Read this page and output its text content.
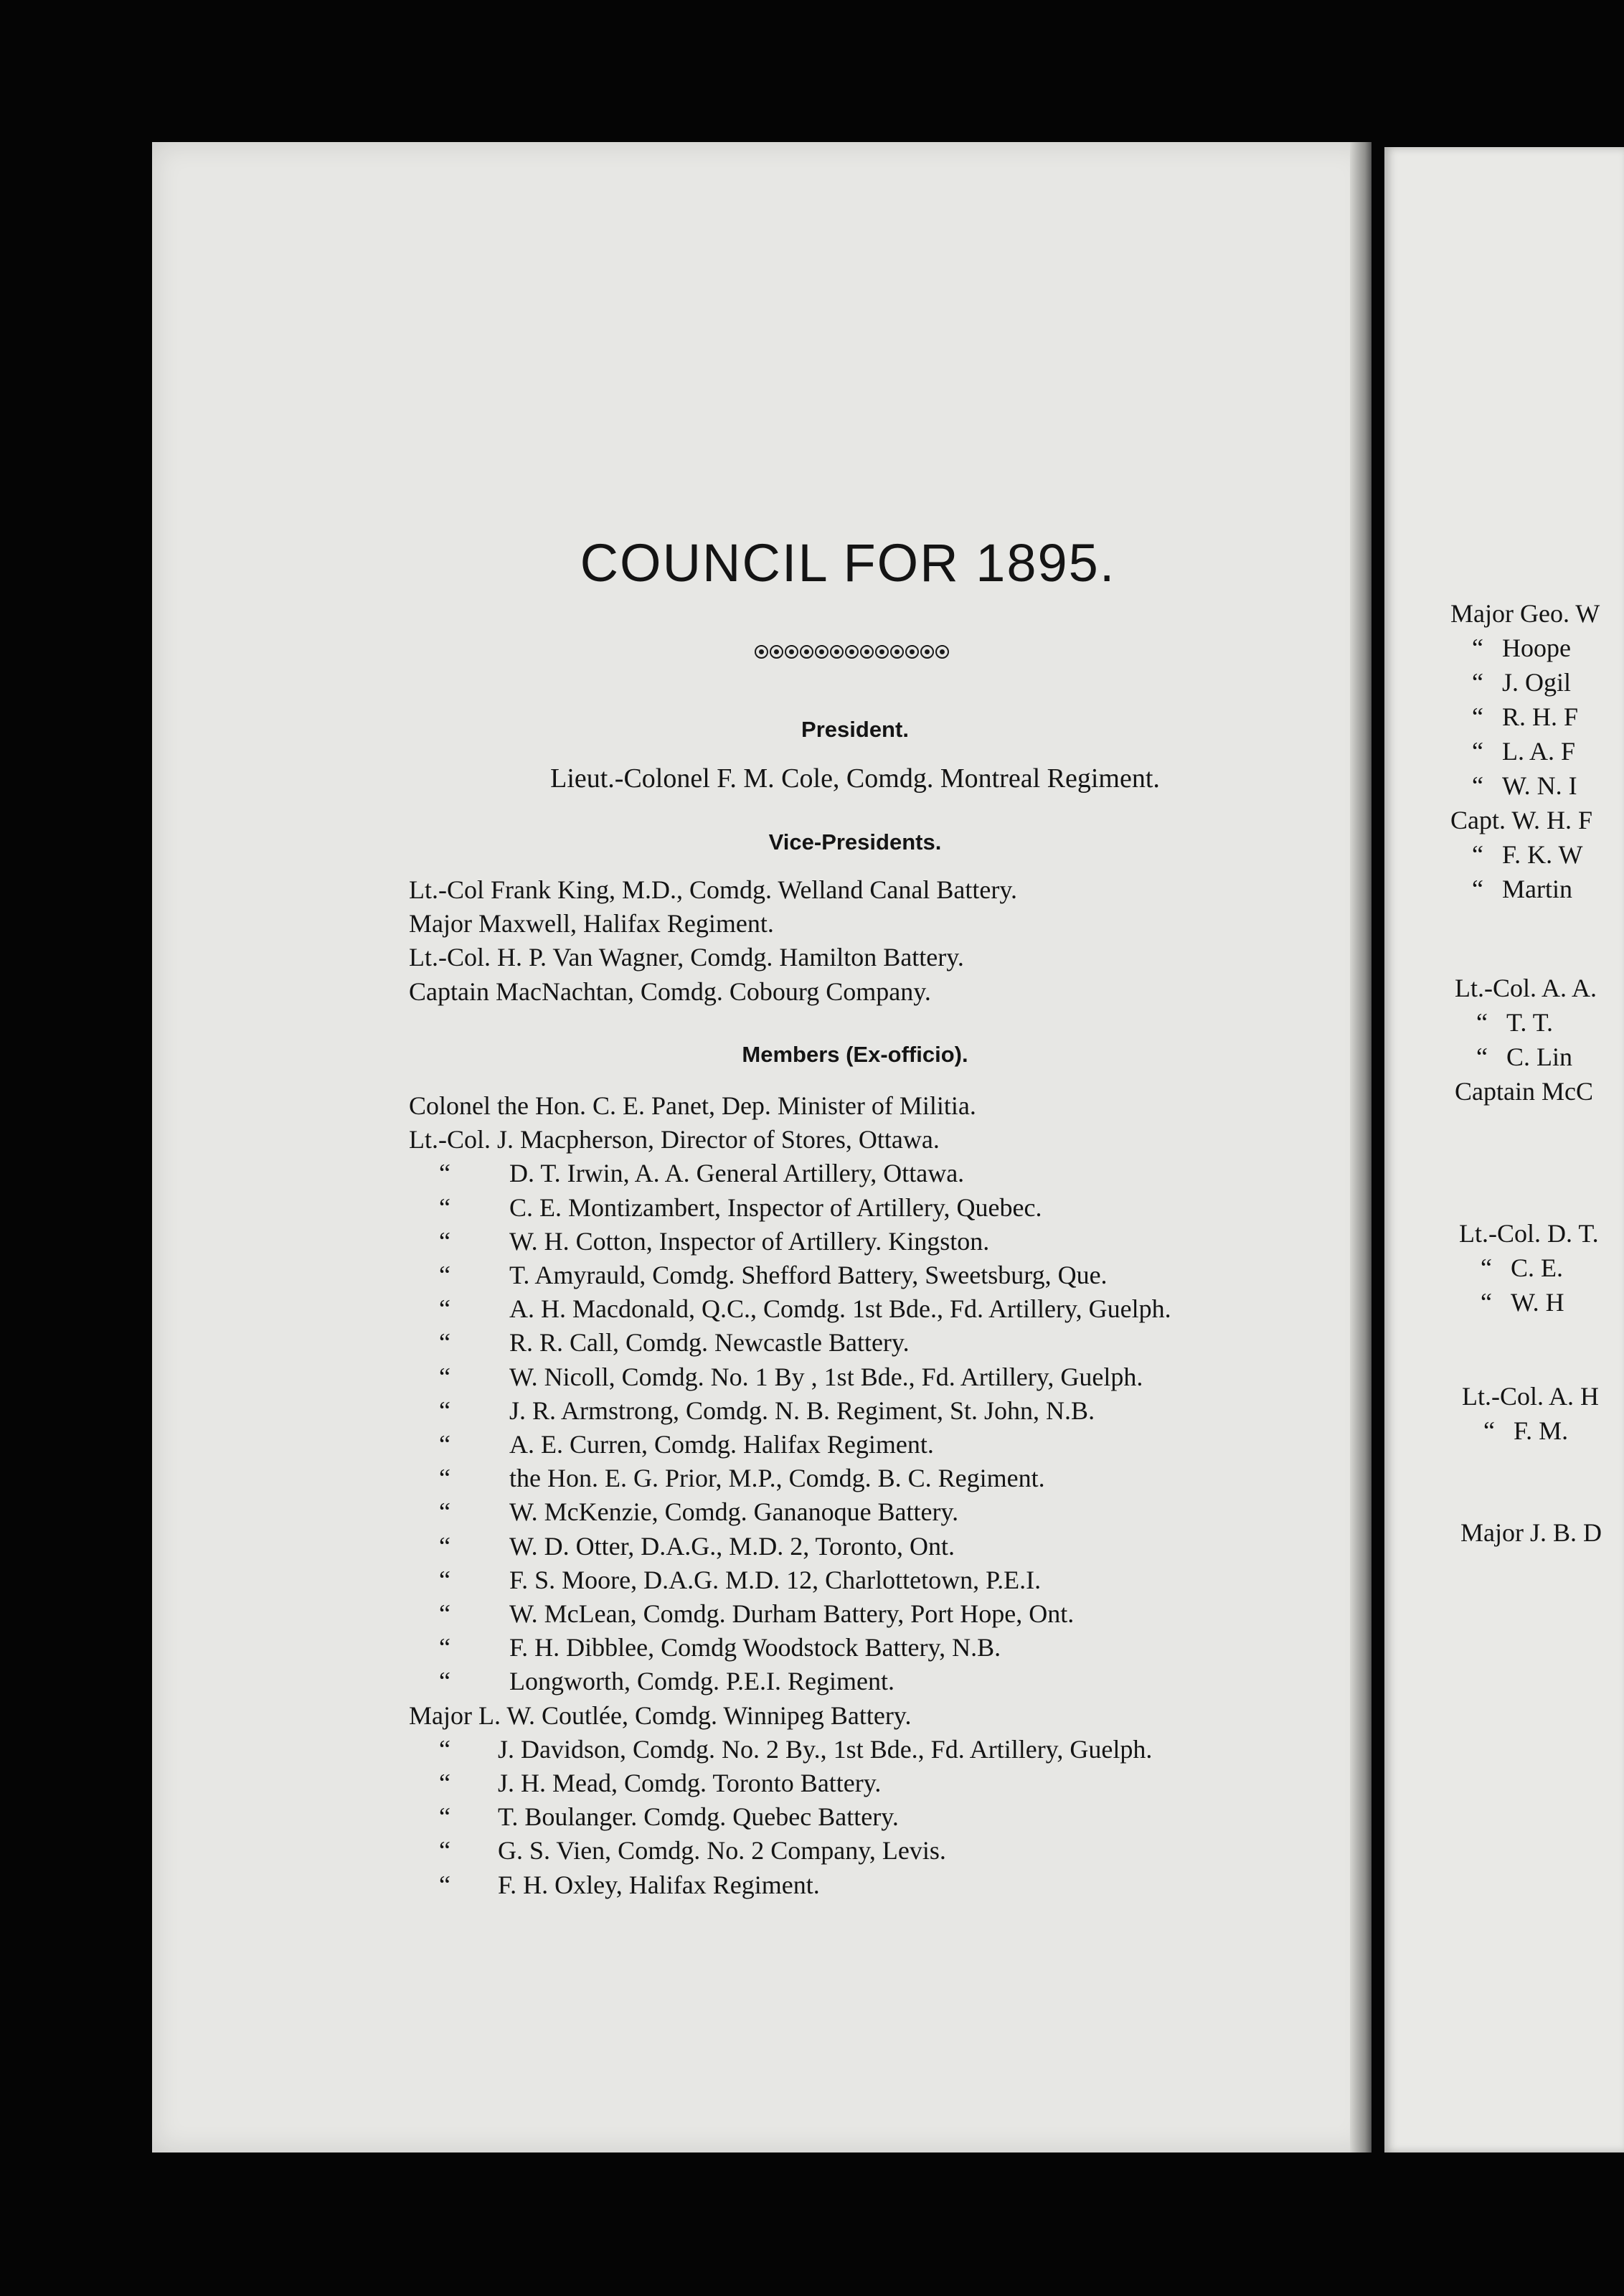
Major Geo. W
“ Hoope
“ J. Ogil
“ R. H. F
“ L. A. F
“ W. N. I
Capt. W. H. F
“ F. K. W
“ Martin
Lt.-Col. A. A.
“ T. T.
“ C. Lin
Captain McC
Lt.-Col. D. T.
“ C. E.
“ W. H
Lt.-Col. A. H
“ F. M.
Major J. B. D
COUNCIL FOR 1895.
President.

Lieut.-Colonel F. M. Cole, Comdg. Montreal Regiment.

Vice-Presidents.
Lt.-Col Frank King, M.D., Comdg. Welland Canal Battery.
Major Maxwell, Halifax Regiment.
Lt.-Col. H. P. Van Wagner, Comdg. Hamilton Battery.
Captain MacNachtan, Comdg. Cobourg Company.
Members (Ex-officio).
Colonel the Hon. C. E. Panet, Dep. Minister of Militia.
Lt.-Col. J. Macpherson, Director of Stores, Ottawa.
“ D. T. Irwin, A. A. General Artillery, Ottawa.
“ C. E. Montizambert, Inspector of Artillery, Quebec.
“ W. H. Cotton, Inspector of Artillery. Kingston.
“ T. Amyrauld, Comdg. Shefford Battery, Sweetsburg, Que.
“ A. H. Macdonald, Q.C., Comdg. 1st Bde., Fd. Artillery, Guelph.
“ R. R. Call, Comdg. Newcastle Battery.
“ W. Nicoll, Comdg. No. 1 By , 1st Bde., Fd. Artillery, Guelph.
“ J. R. Armstrong, Comdg. N. B. Regiment, St. John, N.B.
“ A. E. Curren, Comdg. Halifax Regiment.
“ the Hon. E. G. Prior, M.P., Comdg. B. C. Regiment.
“ W. McKenzie, Comdg. Gananoque Battery.
“ W. D. Otter, D.A.G., M.D. 2, Toronto, Ont.
“ F. S. Moore, D.A.G. M.D. 12, Charlottetown, P.E.I.
“ W. McLean, Comdg. Durham Battery, Port Hope, Ont.
“ F. H. Dibblee, Comdg Woodstock Battery, N.B.
“ Longworth, Comdg. P.E.I. Regiment.
Major L. W. Coutlée, Comdg. Winnipeg Battery.
“ J. Davidson, Comdg. No. 2 By., 1st Bde., Fd. Artillery, Guelph.
“ J. H. Mead, Comdg. Toronto Battery.
“ T. Boulanger. Comdg. Quebec Battery.
“ G. S. Vien, Comdg. No. 2 Company, Levis.
“ F. H. Oxley, Halifax Regiment.
